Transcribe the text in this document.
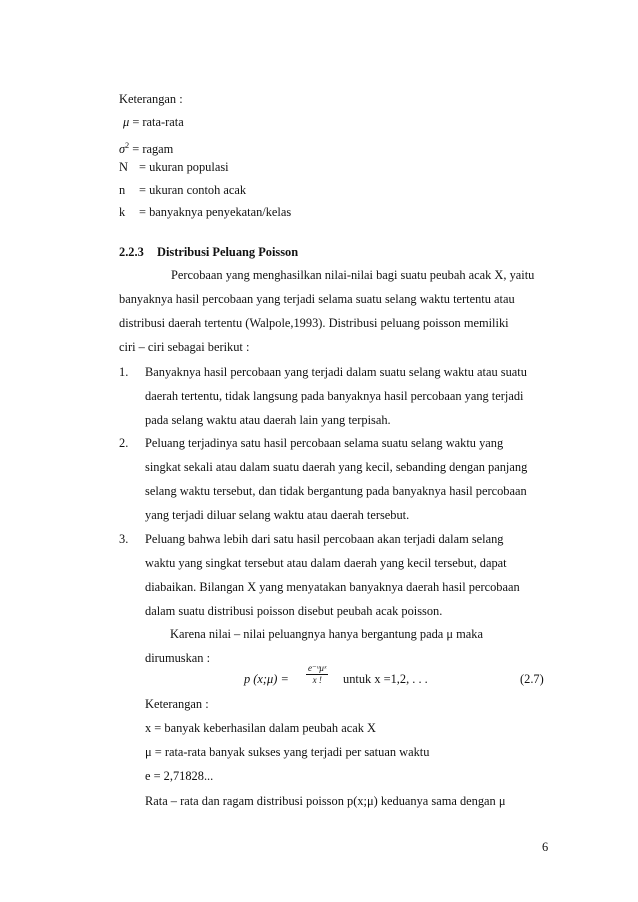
Keterangan :
μ = rata-rata
$\sigma^2$ = ragam
N = ukuran populasi
n = ukuran contoh acak
k = banyaknya penyekatan/kelas
2.2.3 Distribusi Peluang Poisson
Percobaan yang menghasilkan nilai-nilai bagi suatu peubah acak X, yaitu
banyaknya hasil percobaan yang terjadi selama suatu selang waktu tertentu atau
distribusi daerah tertentu (Walpole,1993). Distribusi peluang poisson memiliki
ciri – ciri sebagai berikut :
1. Banyaknya hasil percobaan yang terjadi dalam suatu selang waktu atau suatu
daerah tertentu, tidak langsung pada banyaknya hasil percobaan yang terjadi
pada selang waktu atau daerah lain yang terpisah.
2. Peluang terjadinya satu hasil percobaan selama suatu selang waktu yang
singkat sekali atau dalam suatu daerah yang kecil, sebanding dengan panjang
selang waktu tersebut, dan tidak bergantung pada banyaknya hasil percobaan
yang terjadi diluar selang waktu atau daerah tersebut.
3. Peluang bahwa lebih dari satu hasil percobaan akan terjadi dalam selang
waktu yang singkat tersebut atau dalam daerah yang kecil tersebut, dapat
diabaikan. Bilangan X yang menyatakan banyaknya daerah hasil percobaan
dalam suatu distribusi poisson disebut peubah acak poisson.
Karena nilai – nilai peluangnya hanya bergantung pada μ maka
dirumuskan :
p (x;μ) =
e⁻ᵘμˣ
x !	untuk x =1,2, . . .	(2.7)
Keterangan :
x = banyak keberhasilan dalam peubah acak X
μ = rata-rata banyak sukses yang terjadi per satuan waktu
e = 2,71828...
Rata – rata dan ragam distribusi poisson p(x;μ) keduanya sama dengan μ
6
